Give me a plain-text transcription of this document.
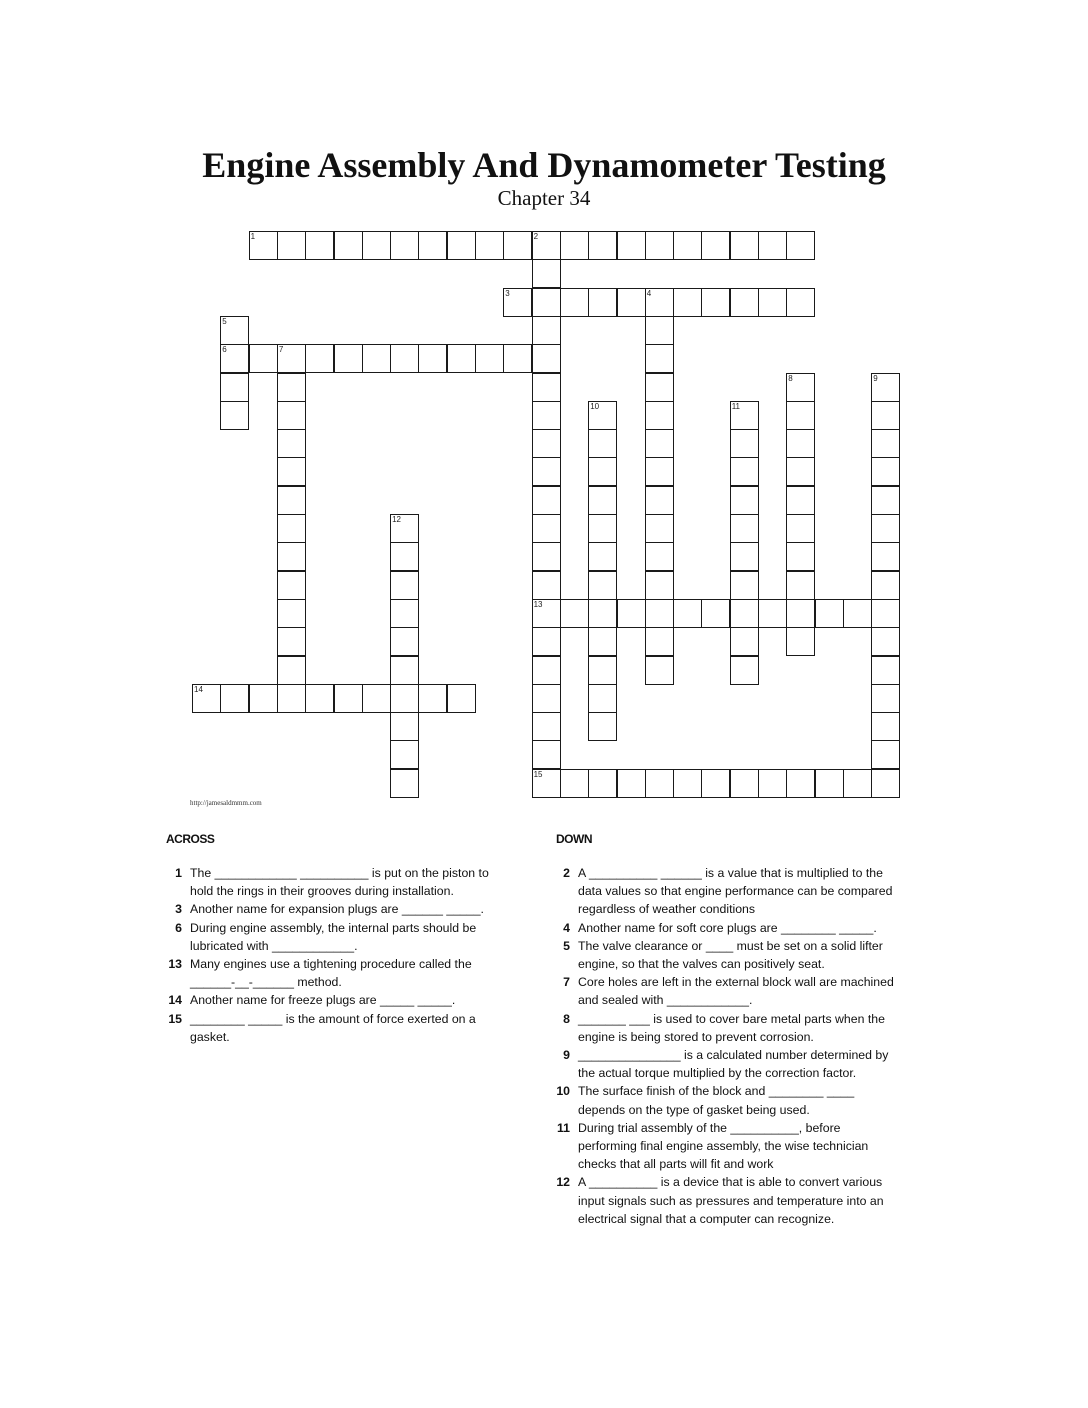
Engine Assembly And Dynamometer Testing
Chapter 34
1	2
13
15
3	4
5
6	7
8	9
10	11
12
14
http://jamesaldmmm.com
ACROSS	DOWN
1 The ____________ __________ is put on the piston to hold the rings in their grooves during installation.
3 Another name for expansion plugs are ______ _____.
6 During engine assembly, the internal parts should be lubricated with ____________.
13 Many engines use a tightening procedure called the ______-__-______ method.
14 Another name for freeze plugs are _____ _____.
15 ________ _____ is the amount of force exerted on a gasket.
2 A __________ ______ is a value that is multiplied to the data values so that engine performance can be compared regardless of weather conditions
4 Another name for soft core plugs are ________ _____.
5 The valve clearance or ____ must be set on a solid lifter engine, so that the valves can positively seat.
7 Core holes are left in the external block wall are machined and sealed with ____________.
8 _______ ___ is used to cover bare metal parts when the engine is being stored to prevent corrosion.
9 _______________ is a calculated number determined by the actual torque multiplied by the correction factor.
10 The surface finish of the block and ________ ____ depends on the type of gasket being used.
11 During trial assembly of the __________, before performing final engine assembly, the wise technician checks that all parts will fit and work
12 A __________ is a device that is able to convert various input signals such as pressures and temperature into an electrical signal that a computer can recognize.
